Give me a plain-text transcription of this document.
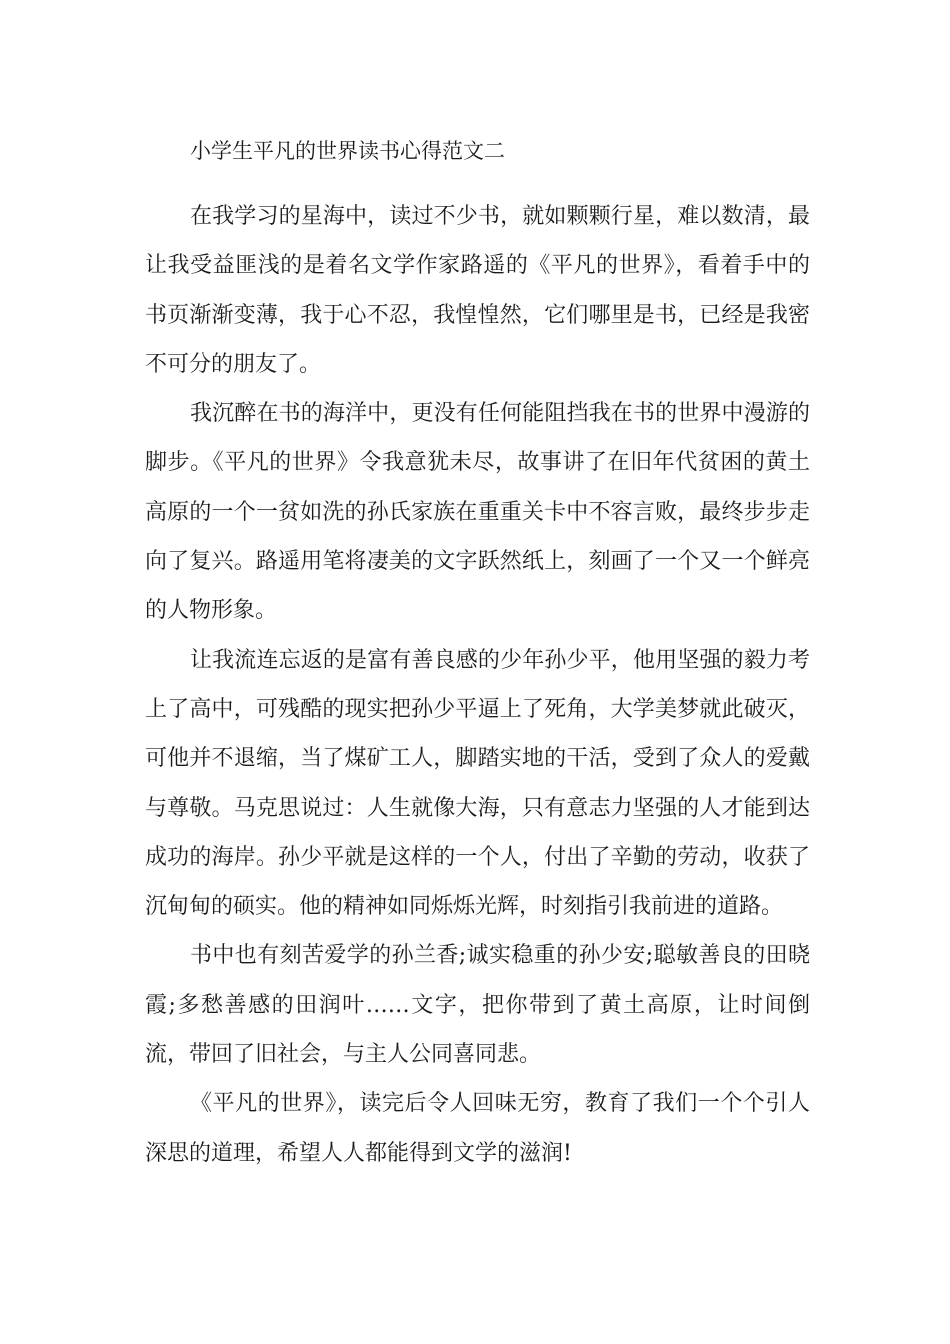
小学生平凡的世界读书心得范文二

在我学习的星海中，读过不少书，就如颗颗行星，难以数清，最让我受益匪浅的是着名文学作家路遥的《平凡的世界》，看着手中的书页渐渐变薄，我于心不忍，我惶惶然，它们哪里是书，已经是我密不可分的朋友了。

我沉醉在书的海洋中，更没有任何能阻挡我在书的世界中漫游的脚步。《平凡的世界》令我意犹未尽，故事讲了在旧年代贫困的黄土高原的一个一贫如洗的孙氏家族在重重关卡中不容言败，最终步步走向了复兴。路遥用笔将凄美的文字跃然纸上，刻画了一个又一个鲜亮的人物形象。

让我流连忘返的是富有善良感的少年孙少平，他用坚强的毅力考上了高中，可残酷的现实把孙少平逼上了死角，大学美梦就此破灭，可他并不退缩，当了煤矿工人，脚踏实地的干活，受到了众人的爱戴与尊敬。马克思说过：人生就像大海，只有意志力坚强的人才能到达成功的海岸。孙少平就是这样的一个人，付出了辛勤的劳动，收获了沉甸甸的硕实。他的精神如同烁烁光辉，时刻指引我前进的道路。

书中也有刻苦爱学的孙兰香;诚实稳重的孙少安;聪敏善良的田晓霞;多愁善感的田润叶……文字，把你带到了黄土高原，让时间倒流，带回了旧社会，与主人公同喜同悲。

《平凡的世界》，读完后令人回味无穷，教育了我们一个个引人深思的道理，希望人人都能得到文学的滋润!
